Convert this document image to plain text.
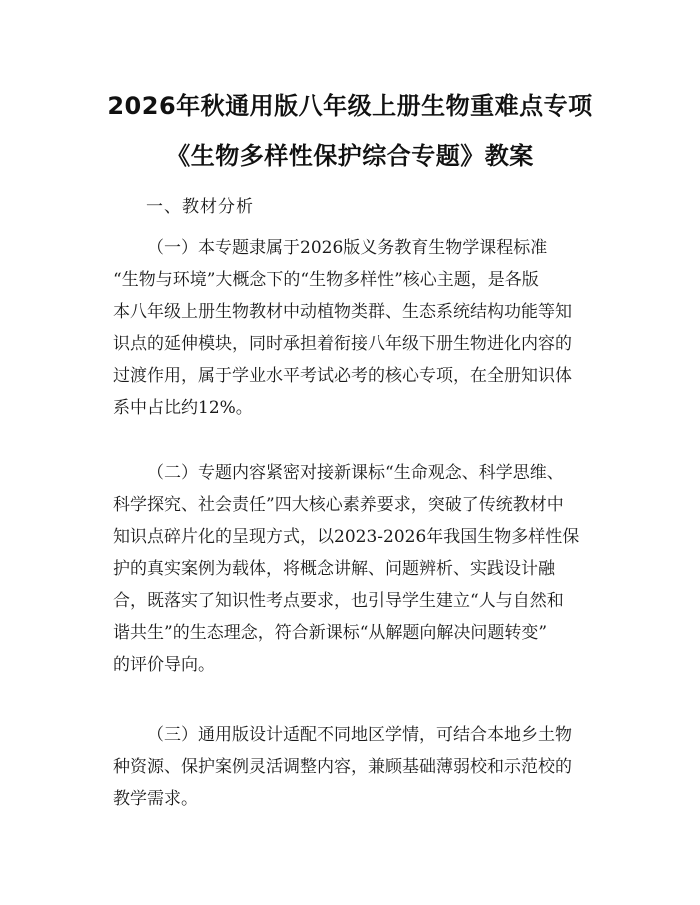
2026年秋通用版八年级上册生物重难点专项
《生物多样性保护综合专题》教案
一、教材分析
（一）本专题隶属于2026版义务教育生物学课程标准
“生物与环境”大概念下的“生物多样性”核心主题，是各版
本八年级上册生物教材中动植物类群、生态系统结构功能等知
识点的延伸模块，同时承担着衔接八年级下册生物进化内容的
过渡作用，属于学业水平考试必考的核心专项，在全册知识体
系中占比约12%。
（二）专题内容紧密对接新课标“生命观念、科学思维、
科学探究、社会责任”四大核心素养要求，突破了传统教材中
知识点碎片化的呈现方式，以2023-2026年我国生物多样性保
护的真实案例为载体，将概念讲解、问题辨析、实践设计融
合，既落实了知识性考点要求，也引导学生建立“人与自然和
谐共生”的生态理念，符合新课标“从解题向解决问题转变”
的评价导向。
（三）通用版设计适配不同地区学情，可结合本地乡土物
种资源、保护案例灵活调整内容，兼顾基础薄弱校和示范校的
教学需求。
